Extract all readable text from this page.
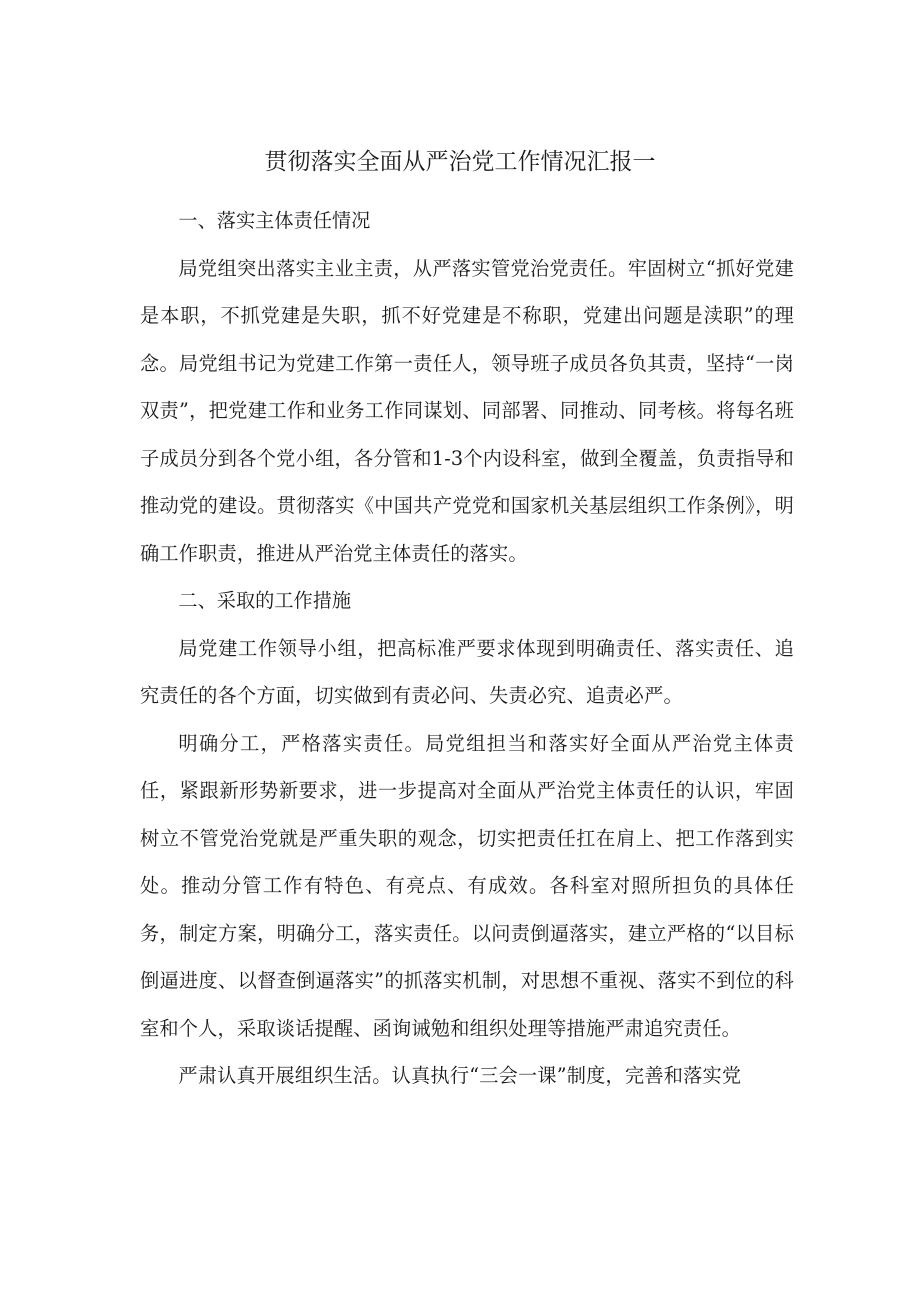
贯彻落实全面从严治党工作情况汇报一

一、落实主体责任情况

局党组突出落实主业主责，从严落实管党治党责任。牢固树立“抓好党建是本职，不抓党建是失职，抓不好党建是不称职，党建出问题是渎职”的理念。局党组书记为党建工作第一责任人，领导班子成员各负其责，坚持“一岗双责”，把党建工作和业务工作同谋划、同部署、同推动、同考核。将每名班子成员分到各个党小组，各分管和1-3个内设科室，做到全覆盖，负责指导和推动党的建设。贯彻落实《中国共产党党和国家机关基层组织工作条例》，明确工作职责，推进从严治党主体责任的落实。

二、采取的工作措施

局党建工作领导小组，把高标准严要求体现到明确责任、落实责任、追究责任的各个方面，切实做到有责必问、失责必究、追责必严。

明确分工，严格落实责任。局党组担当和落实好全面从严治党主体责任，紧跟新形势新要求，进一步提高对全面从严治党主体责任的认识，牢固树立不管党治党就是严重失职的观念，切实把责任扛在肩上、把工作落到实处。推动分管工作有特色、有亮点、有成效。各科室对照所担负的具体任务，制定方案，明确分工，落实责任。以问责倒逼落实，建立严格的“以目标倒逼进度、以督查倒逼落实”的抓落实机制，对思想不重视、落实不到位的科室和个人，采取谈话提醒、函询诫勉和组织处理等措施严肃追究责任。

严肃认真开展组织生活。认真执行“三会一课”制度，完善和落实党
